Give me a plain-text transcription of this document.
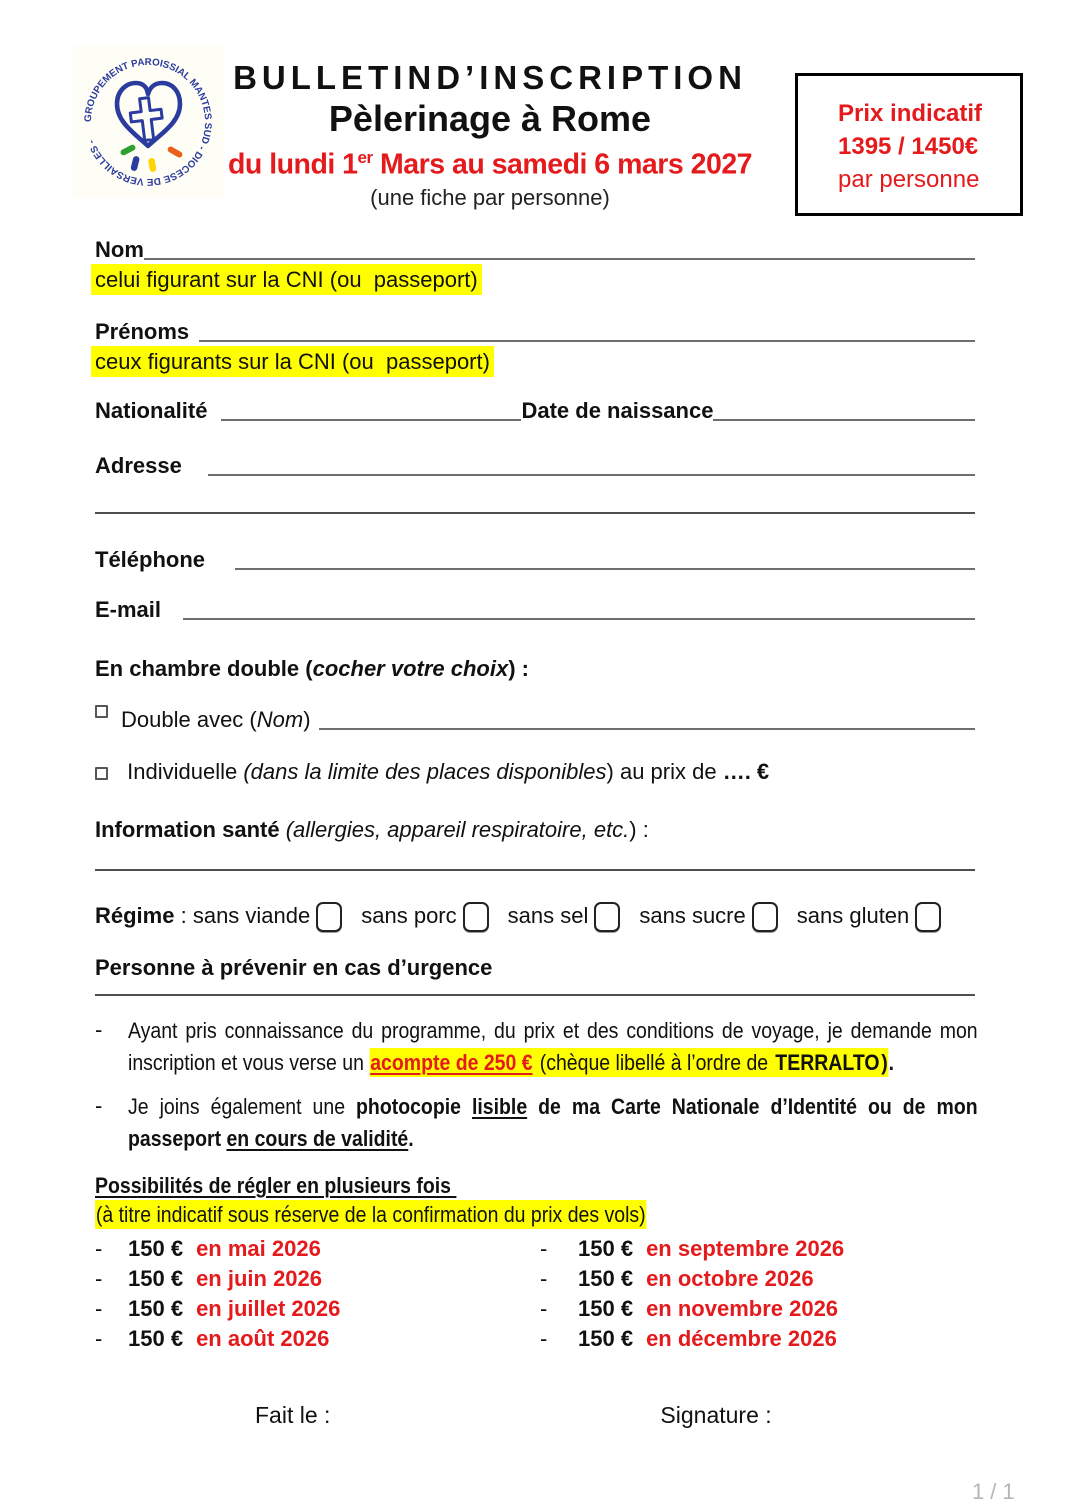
GROUPEMENT PAROISSIAL MANTES SUD - DIOCESE DE VERSAILLES -
BULLETIND’INSCRIPTION
Pèlerinage à Rome
du lundi 1er Mars au samedi 6 mars 2027
(une fiche par personne)
Prix indicatif
1395 / 1450€
par personne
Nom
celui figurant sur la CNI (ou  passeport)
Prénoms
ceux figurants sur la CNI (ou  passeport)
Nationalité	Date de naissance
Adresse
Téléphone
E-mail
En chambre double (cocher votre choix) :
Double avec (Nom)
Individuelle (dans la limite des places disponibles) au prix de …. €
Information santé (allergies, appareil respiratoire, etc.) :
Régime : sans viande sans porc sans sel sans sucre sans gluten
Personne à prévenir en cas d’urgence
-	Ayant pris connaissance du programme, du prix et des conditions de voyage, je demande mon inscription et vous verse un acompte de 250 € (chèque libellé à l’ordre de TERRALTO).
-	Je joins également une photocopie lisible de ma Carte Nationale d’Identité ou de mon passeport en cours de validité.
Possibilités de régler en plusieurs fois (à titre indicatif sous réserve de la confirmation du prix des vols)
-	150 € en mai 2026
-	150 € en juin 2026
-	150 € en juillet 2026
-	150 € en août 2026
-	150 € en septembre 2026
-	150 € en octobre 2026
-	150 € en novembre 2026
-	150 € en décembre 2026
Fait le :	Signature :
1/1
